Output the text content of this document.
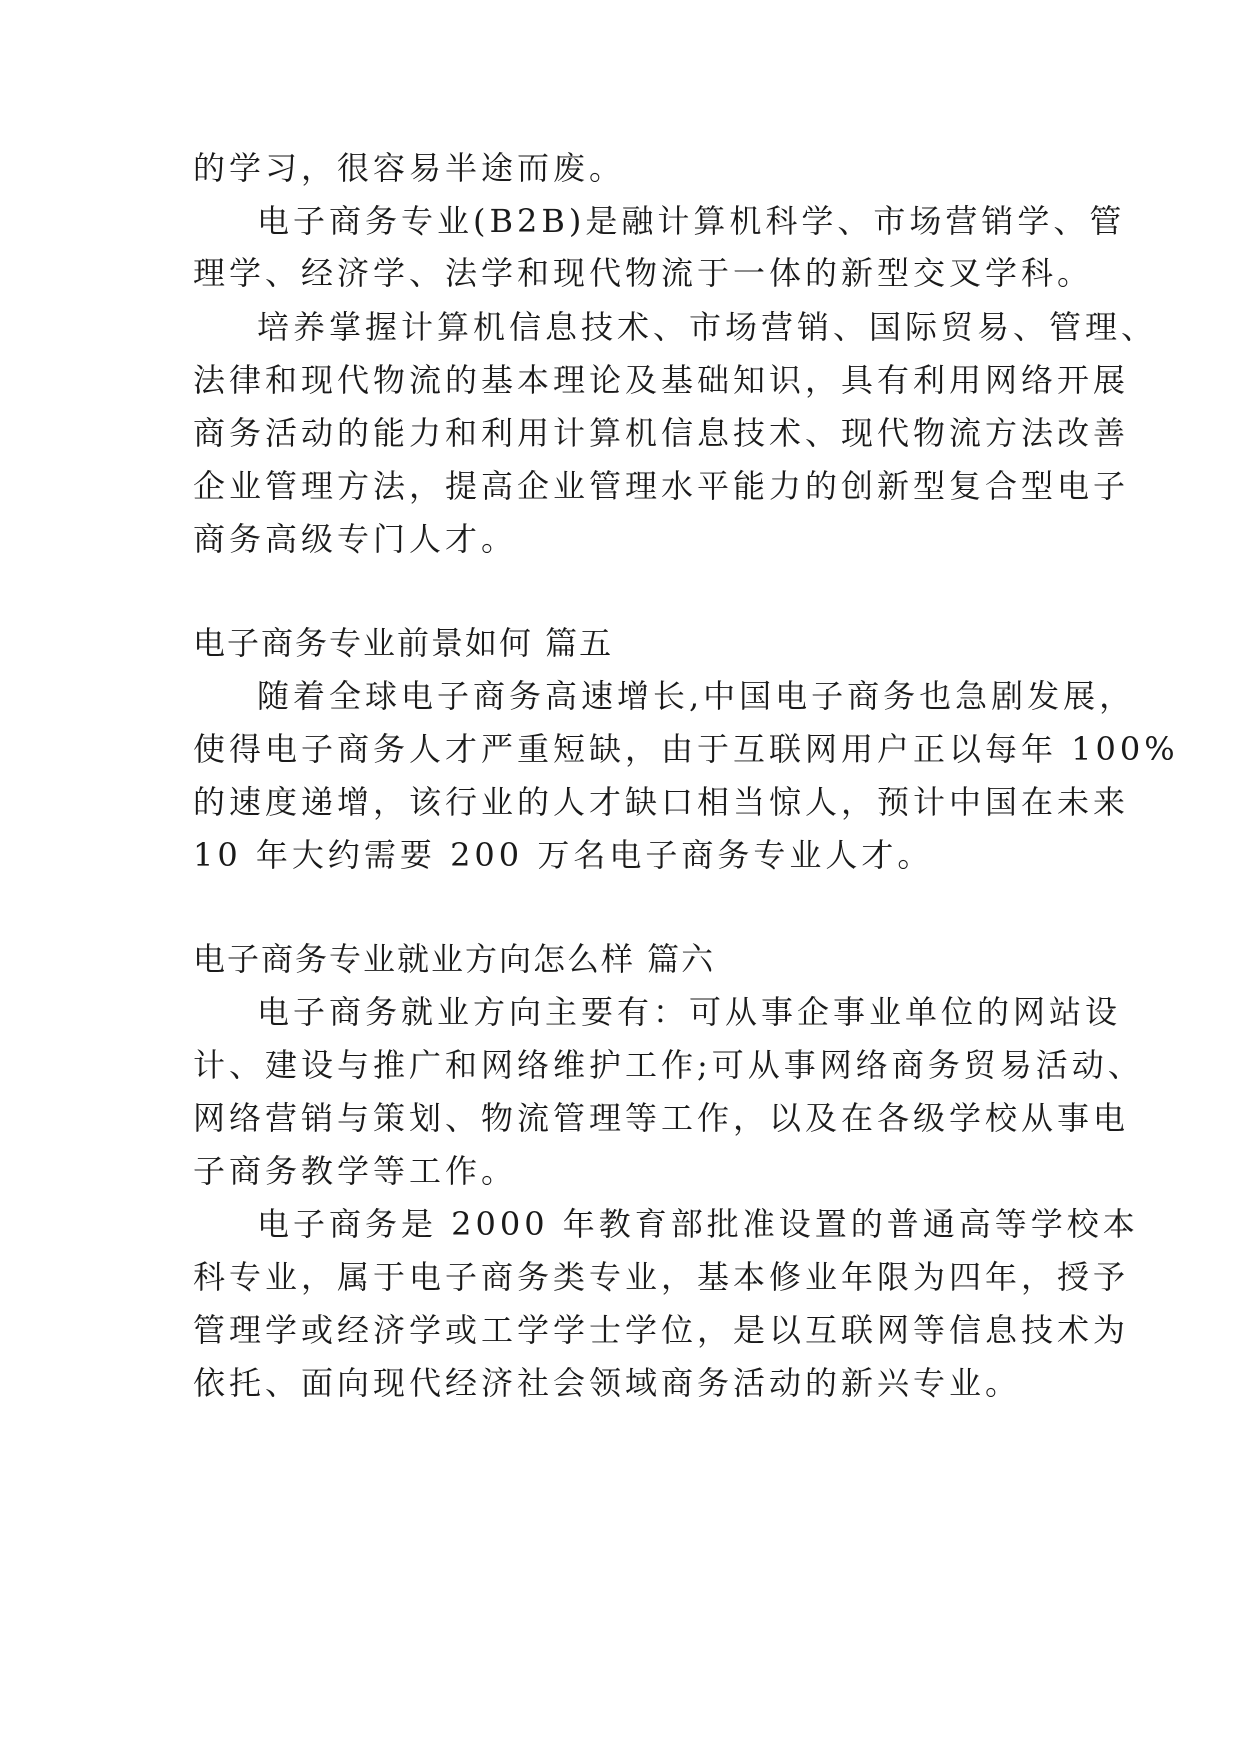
的学习，很容易半途而废。
电子商务专业(B2B)是融计算机科学、市场营销学、管
理学、经济学、法学和现代物流于一体的新型交叉学科。
培养掌握计算机信息技术、市场营销、国际贸易、管理、
法律和现代物流的基本理论及基础知识，具有利用网络开展
商务活动的能力和利用计算机信息技术、现代物流方法改善
企业管理方法，提高企业管理水平能力的创新型复合型电子
商务高级专门人才。
电子商务专业前景如何 篇五
随着全球电子商务高速增长,中国电子商务也急剧发展，
使得电子商务人才严重短缺，由于互联网用户正以每年 100%
的速度递增，该行业的人才缺口相当惊人，预计中国在未来
10 年大约需要 200 万名电子商务专业人才。
电子商务专业就业方向怎么样 篇六
电子商务就业方向主要有：可从事企事业单位的网站设
计、建设与推广和网络维护工作;可从事网络商务贸易活动、
网络营销与策划、物流管理等工作，以及在各级学校从事电
子商务教学等工作。
电子商务是 2000 年教育部批准设置的普通高等学校本
科专业，属于电子商务类专业，基本修业年限为四年，授予
管理学或经济学或工学学士学位，是以互联网等信息技术为
依托、面向现代经济社会领域商务活动的新兴专业。
